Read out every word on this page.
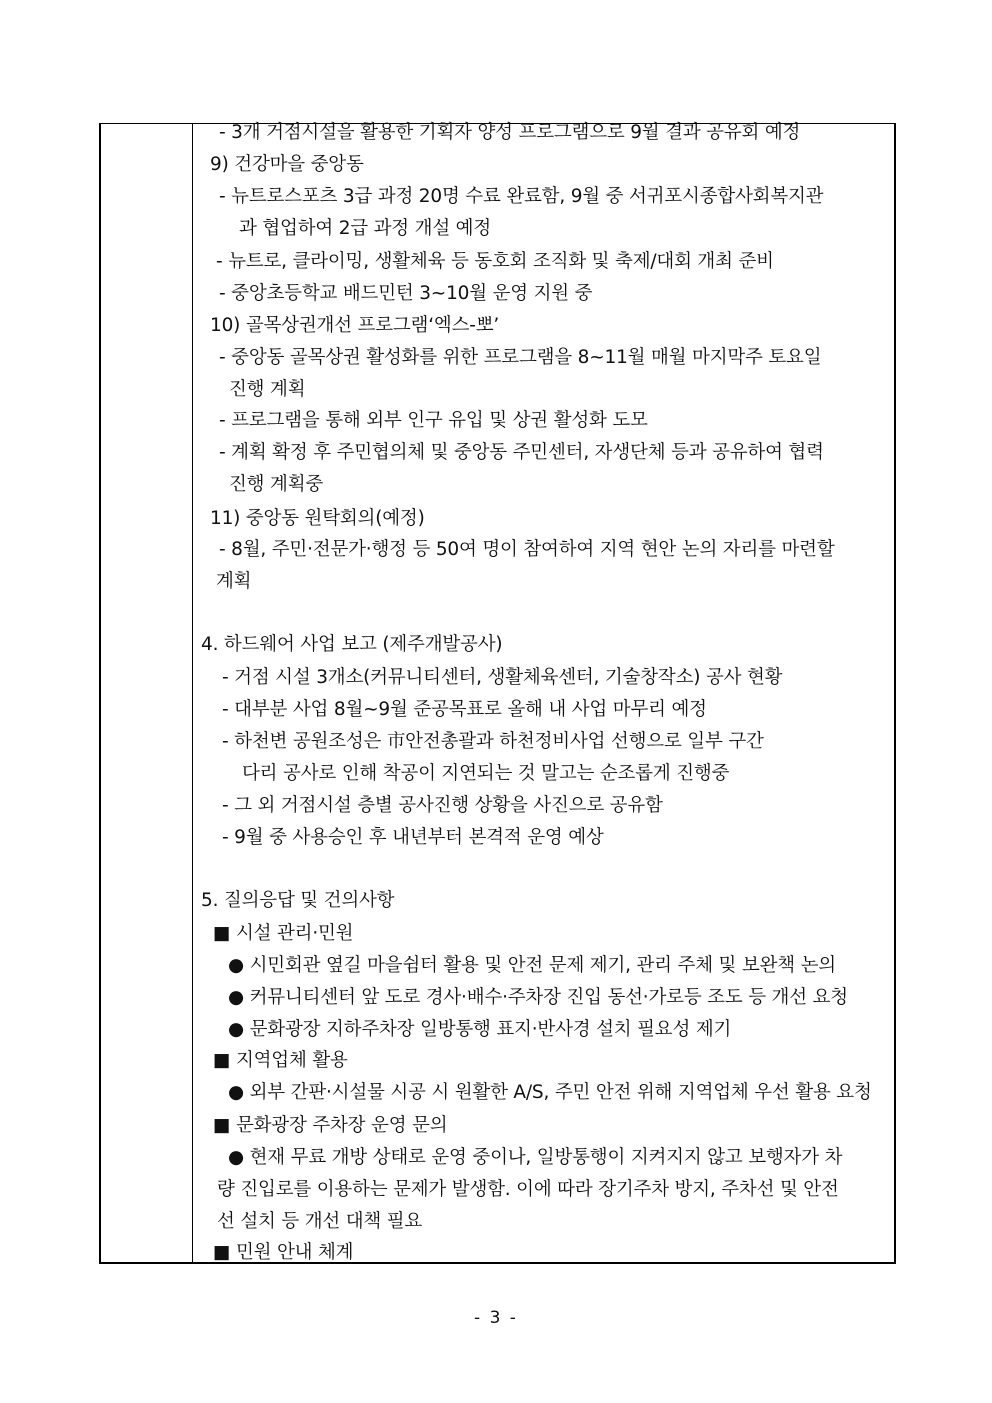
- 3개 거점시설을 활용한 기획자 양성 프로그램으로 9월 결과 공유회 예정
9) 건강마을 중앙동
- 뉴트로스포츠 3급 과정 20명 수료 완료함, 9월 중 서귀포시종합사회복지관
과 협업하여 2급 과정 개설 예정
- 뉴트로, 클라이밍, 생활체육 등 동호회 조직화 및 축제/대회 개최 준비
- 중앙초등학교 배드민턴 3~10월 운영 지원 중
10) 골목상권개선 프로그램‘엑스-뽀’
- 중앙동 골목상권 활성화를 위한 프로그램을 8~11월 매월 마지막주 토요일
진행 계획
- 프로그램을 통해 외부 인구 유입 및 상권 활성화 도모
- 계획 확정 후 주민협의체 및 중앙동 주민센터, 자생단체 등과 공유하여 협력
진행 계획중
11) 중앙동 원탁회의(예정)
- 8월, 주민·전문가·행정 등 50여 명이 참여하여 지역 현안 논의 자리를 마련할
계획
4. 하드웨어 사업 보고 (제주개발공사)
- 거점 시설 3개소(커뮤니티센터, 생활체육센터, 기술창작소) 공사 현황
- 대부분 사업 8월~9월 준공목표로 올해 내 사업 마무리 예정
- 하천변 공원조성은 市안전총괄과 하천정비사업 선행으로 일부 구간
다리 공사로 인해 착공이 지연되는 것 말고는 순조롭게 진행중
- 그 외 거점시설 층별 공사진행 상황을 사진으로 공유함
- 9월 중 사용승인 후 내년부터 본격적 운영 예상
5. 질의응답 및 건의사항
■ 시설 관리·민원
● 시민회관 옆길 마을쉼터 활용 및 안전 문제 제기, 관리 주체 및 보완책 논의
● 커뮤니티센터 앞 도로 경사·배수·주차장 진입 동선·가로등 조도 등 개선 요청
● 문화광장 지하주차장 일방통행 표지·반사경 설치 필요성 제기
■ 지역업체 활용
● 외부 간판·시설물 시공 시 원활한 A/S, 주민 안전 위해 지역업체 우선 활용 요청
■ 문화광장 주차장 운영 문의
● 현재 무료 개방 상태로 운영 중이나, 일방통행이 지켜지지 않고 보행자가 차
량 진입로를 이용하는 문제가 발생함. 이에 따라 장기주차 방지, 주차선 및 안전
선 설치 등 개선 대책 필요
■ 민원 안내 체계
- 3 -
